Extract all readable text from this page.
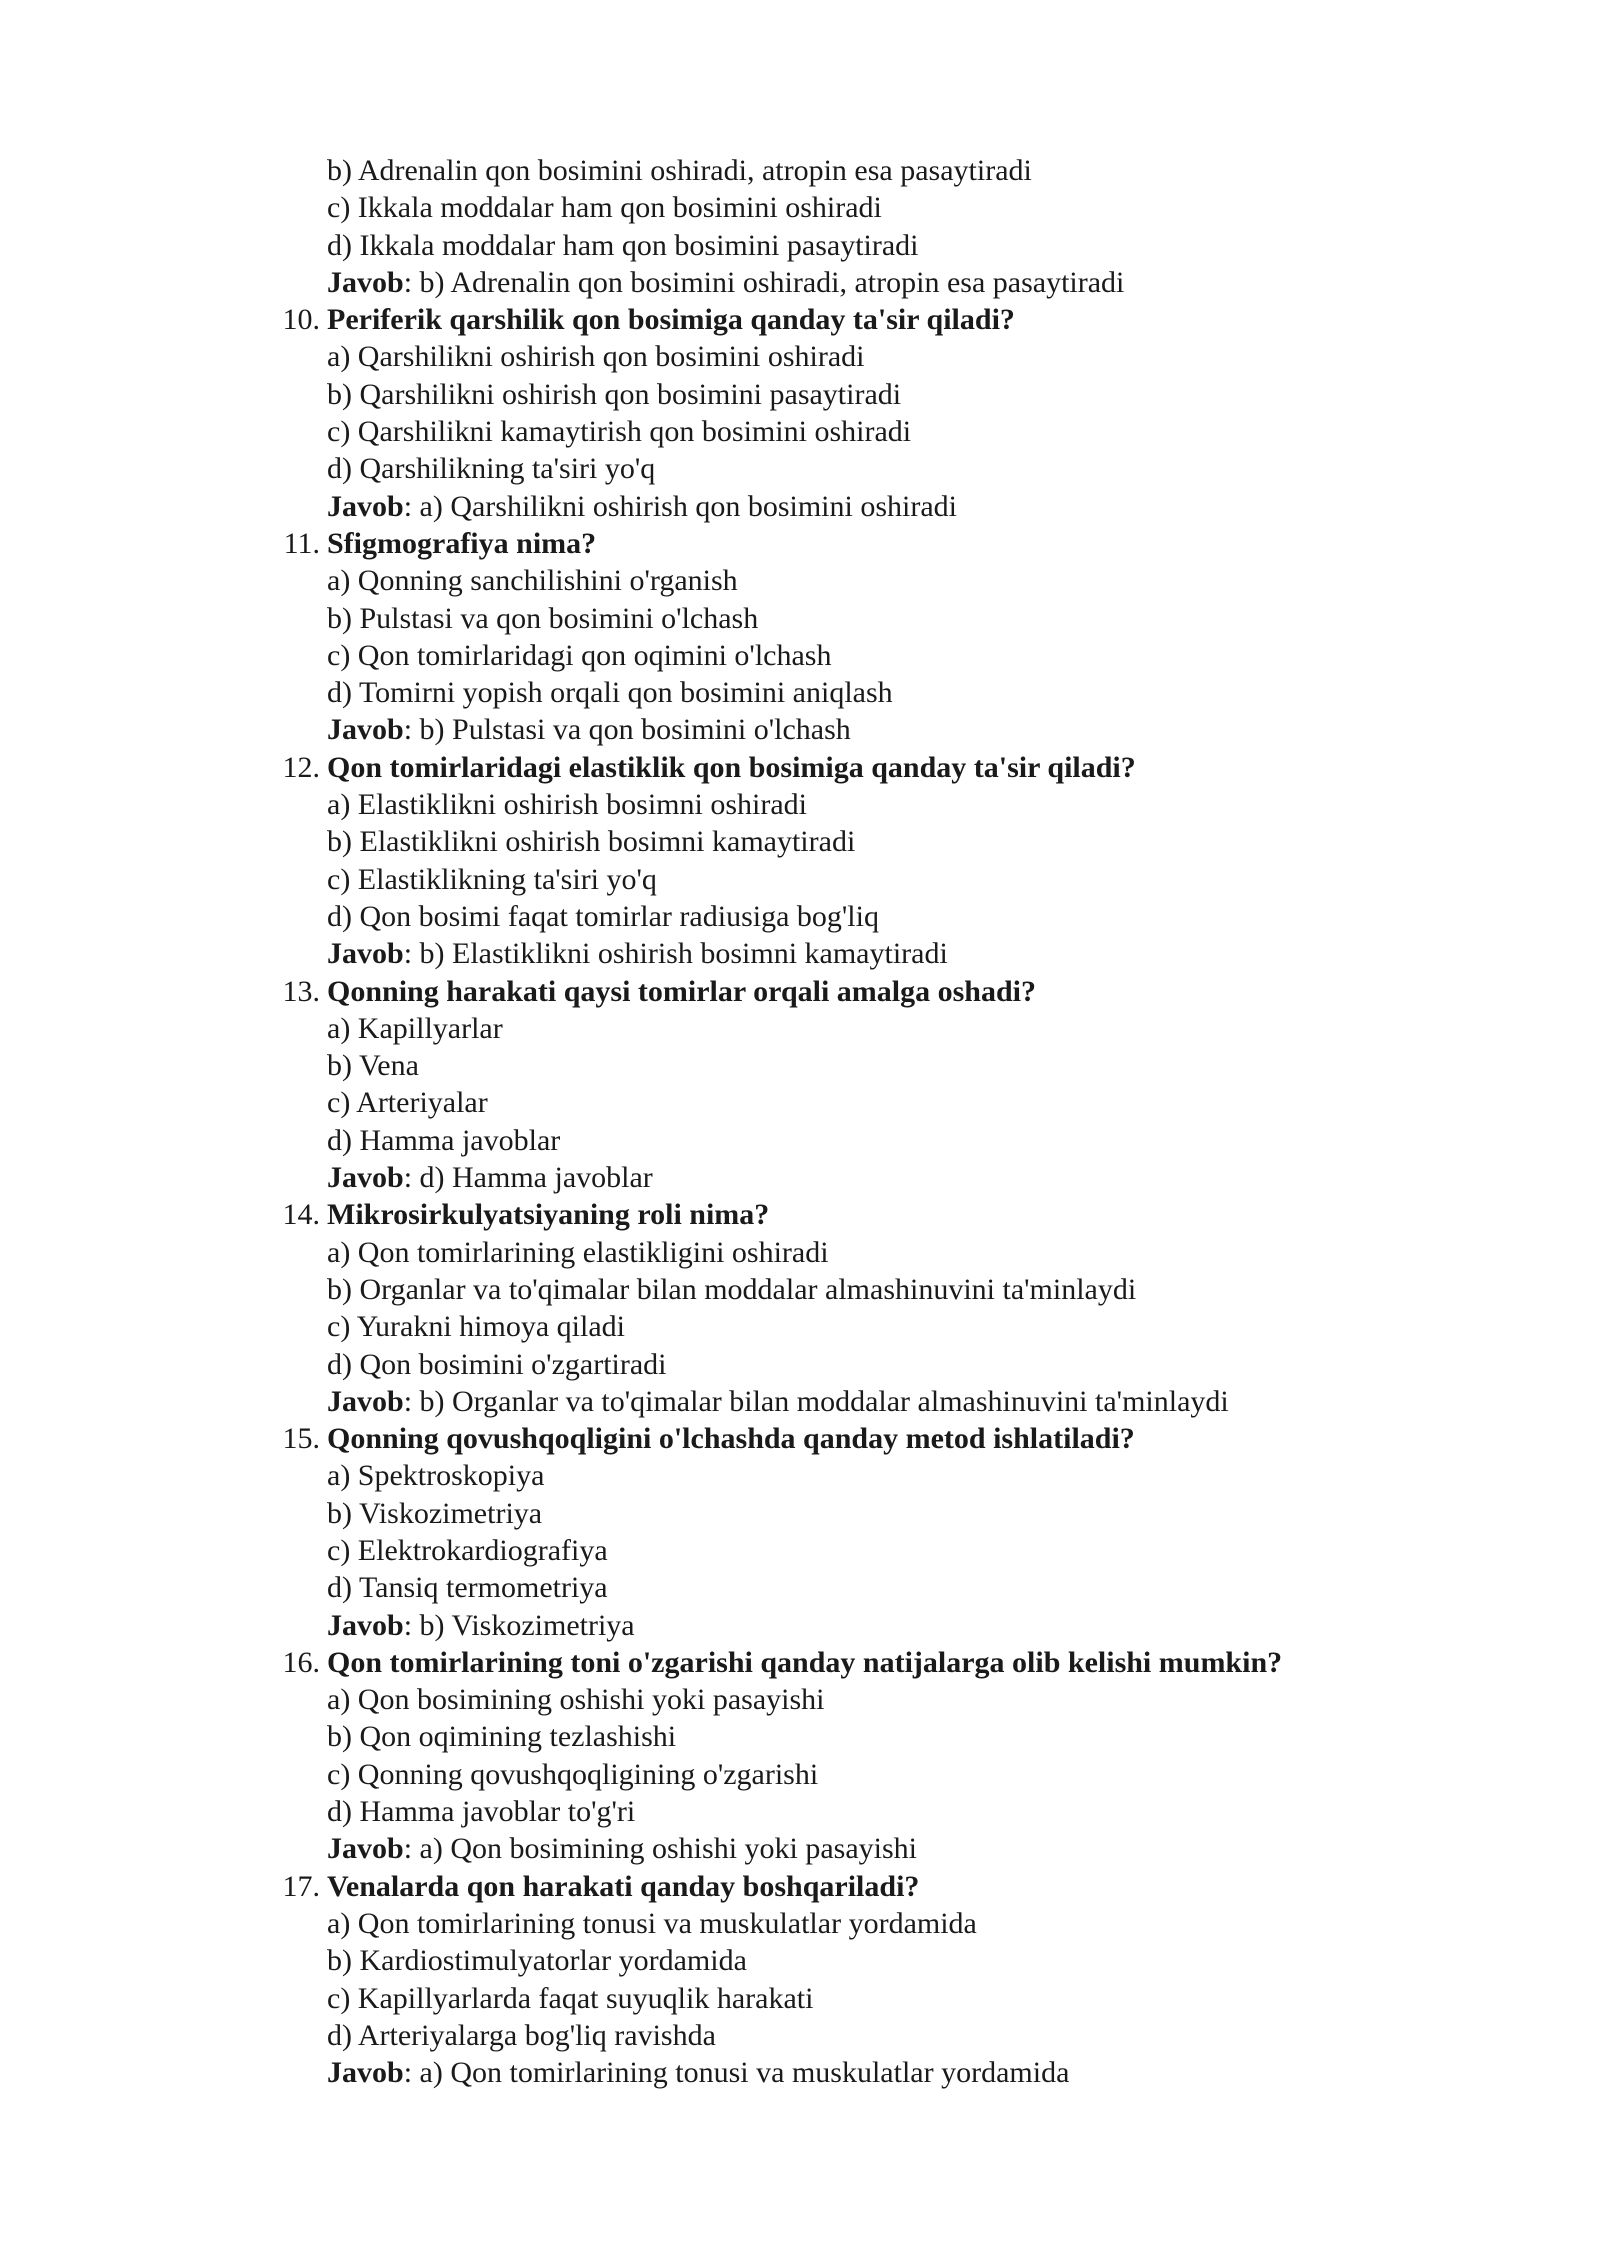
b) Adrenalin qon bosimini oshiradi, atropin esa pasaytiradi
c) Ikkala moddalar ham qon bosimini oshiradi
d) Ikkala moddalar ham qon bosimini pasaytiradi
Javob: b) Adrenalin qon bosimini oshiradi, atropin esa pasaytiradi
10. Periferik qarshilik qon bosimiga qanday ta'sir qiladi?
a) Qarshilikni oshirish qon bosimini oshiradi
b) Qarshilikni oshirish qon bosimini pasaytiradi
c) Qarshilikni kamaytirish qon bosimini oshiradi
d) Qarshilikning ta'siri yo'q
Javob: a) Qarshilikni oshirish qon bosimini oshiradi
11. Sfigmografiya nima?
a) Qonning sanchilishini o'rganish
b) Pulstasi va qon bosimini o'lchash
c) Qon tomirlaridagi qon oqimini o'lchash
d) Tomirni yopish orqali qon bosimini aniqlash
Javob: b) Pulstasi va qon bosimini o'lchash
12. Qon tomirlaridagi elastiklik qon bosimiga qanday ta'sir qiladi?
a) Elastiklikni oshirish bosimni oshiradi
b) Elastiklikni oshirish bosimni kamaytiradi
c) Elastiklikning ta'siri yo'q
d) Qon bosimi faqat tomirlar radiusiga bog'liq
Javob: b) Elastiklikni oshirish bosimni kamaytiradi
13. Qonning harakati qaysi tomirlar orqali amalga oshadi?
a) Kapillyarlar
b) Vena
c) Arteriyalar
d) Hamma javoblar
Javob: d) Hamma javoblar
14. Mikrosirkulyatsiyaning roli nima?
a) Qon tomirlarining elastikligini oshiradi
b) Organlar va to'qimalar bilan moddalar almashinuvini ta'minlaydi
c) Yurakni himoya qiladi
d) Qon bosimini o'zgartiradi
Javob: b) Organlar va to'qimalar bilan moddalar almashinuvini ta'minlaydi
15. Qonning qovushqoqligini o'lchashda qanday metod ishlatiladi?
a) Spektroskopiya
b) Viskozimetriya
c) Elektrokardiografiya
d) Tansiq termometriya
Javob: b) Viskozimetriya
16. Qon tomirlarining toni o'zgarishi qanday natijalarga olib kelishi mumkin?
a) Qon bosimining oshishi yoki pasayishi
b) Qon oqimining tezlashishi
c) Qonning qovushqoqligining o'zgarishi
d) Hamma javoblar to'g'ri
Javob: a) Qon bosimining oshishi yoki pasayishi
17. Venalarda qon harakati qanday boshqariladi?
a) Qon tomirlarining tonusi va muskulatlar yordamida
b) Kardiostimulyatorlar yordamida
c) Kapillyarlarda faqat suyuqlik harakati
d) Arteriyalarga bog'liq ravishda
Javob: a) Qon tomirlarining tonusi va muskulatlar yordamida
